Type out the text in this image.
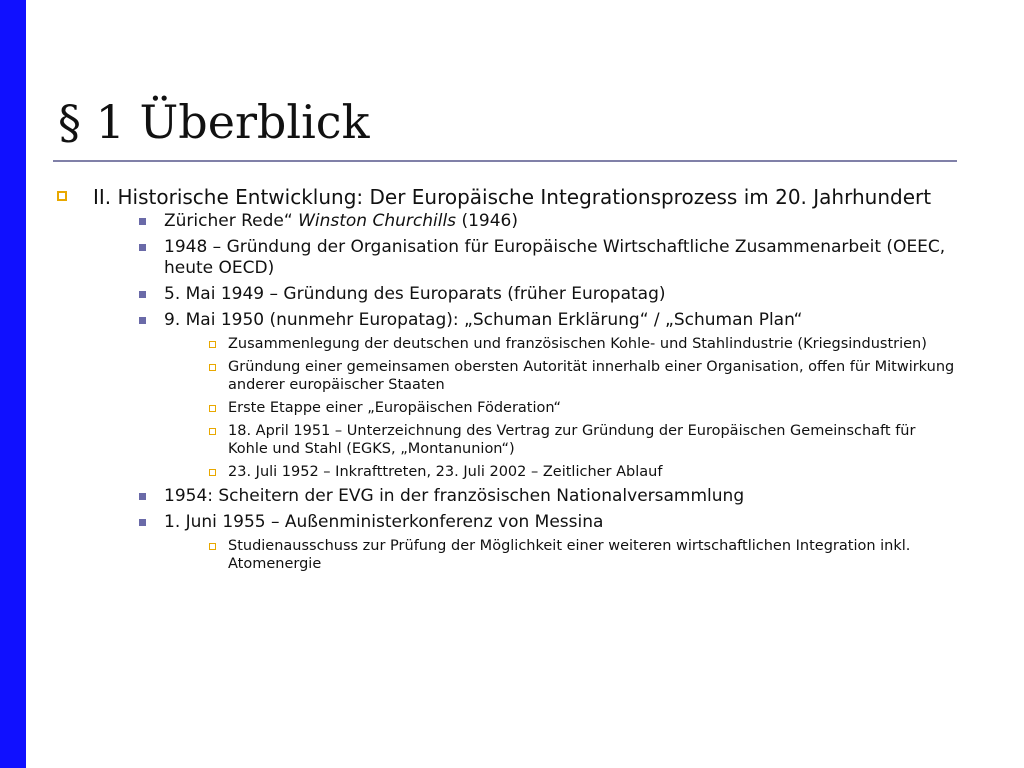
§ 1 Überblick
II. Historische Entwicklung: Der Europäische Integrationsprozess im 20. Jahrhundert
Züricher Rede“ Winston Churchills (1946)
1948 – Gründung der Organisation für Europäische Wirtschaftliche Zusammenarbeit (OEEC, heute OECD)
5. Mai 1949 – Gründung des Europarats (früher Europatag)
9. Mai 1950 (nunmehr Europatag): „Schuman Erklärung“ / „Schuman Plan“
Zusammenlegung der deutschen und französischen Kohle- und Stahlindustrie (Kriegsindustrien)
Gründung einer gemeinsamen obersten Autorität innerhalb einer Organisation, offen für Mitwirkung anderer europäischer Staaten
Erste Etappe einer „Europäischen Föderation“
18. April 1951 – Unterzeichnung des Vertrag zur Gründung der Europäischen Gemeinschaft für Kohle und Stahl (EGKS, „Montanunion“)
23. Juli 1952 – Inkrafttreten, 23. Juli 2002 – Zeitlicher Ablauf
1954: Scheitern der EVG in der französischen Nationalversammlung
1. Juni 1955 – Außenministerkonferenz von Messina
Studienausschuss zur Prüfung der Möglichkeit einer weiteren wirtschaftlichen Integration inkl. Atomenergie
